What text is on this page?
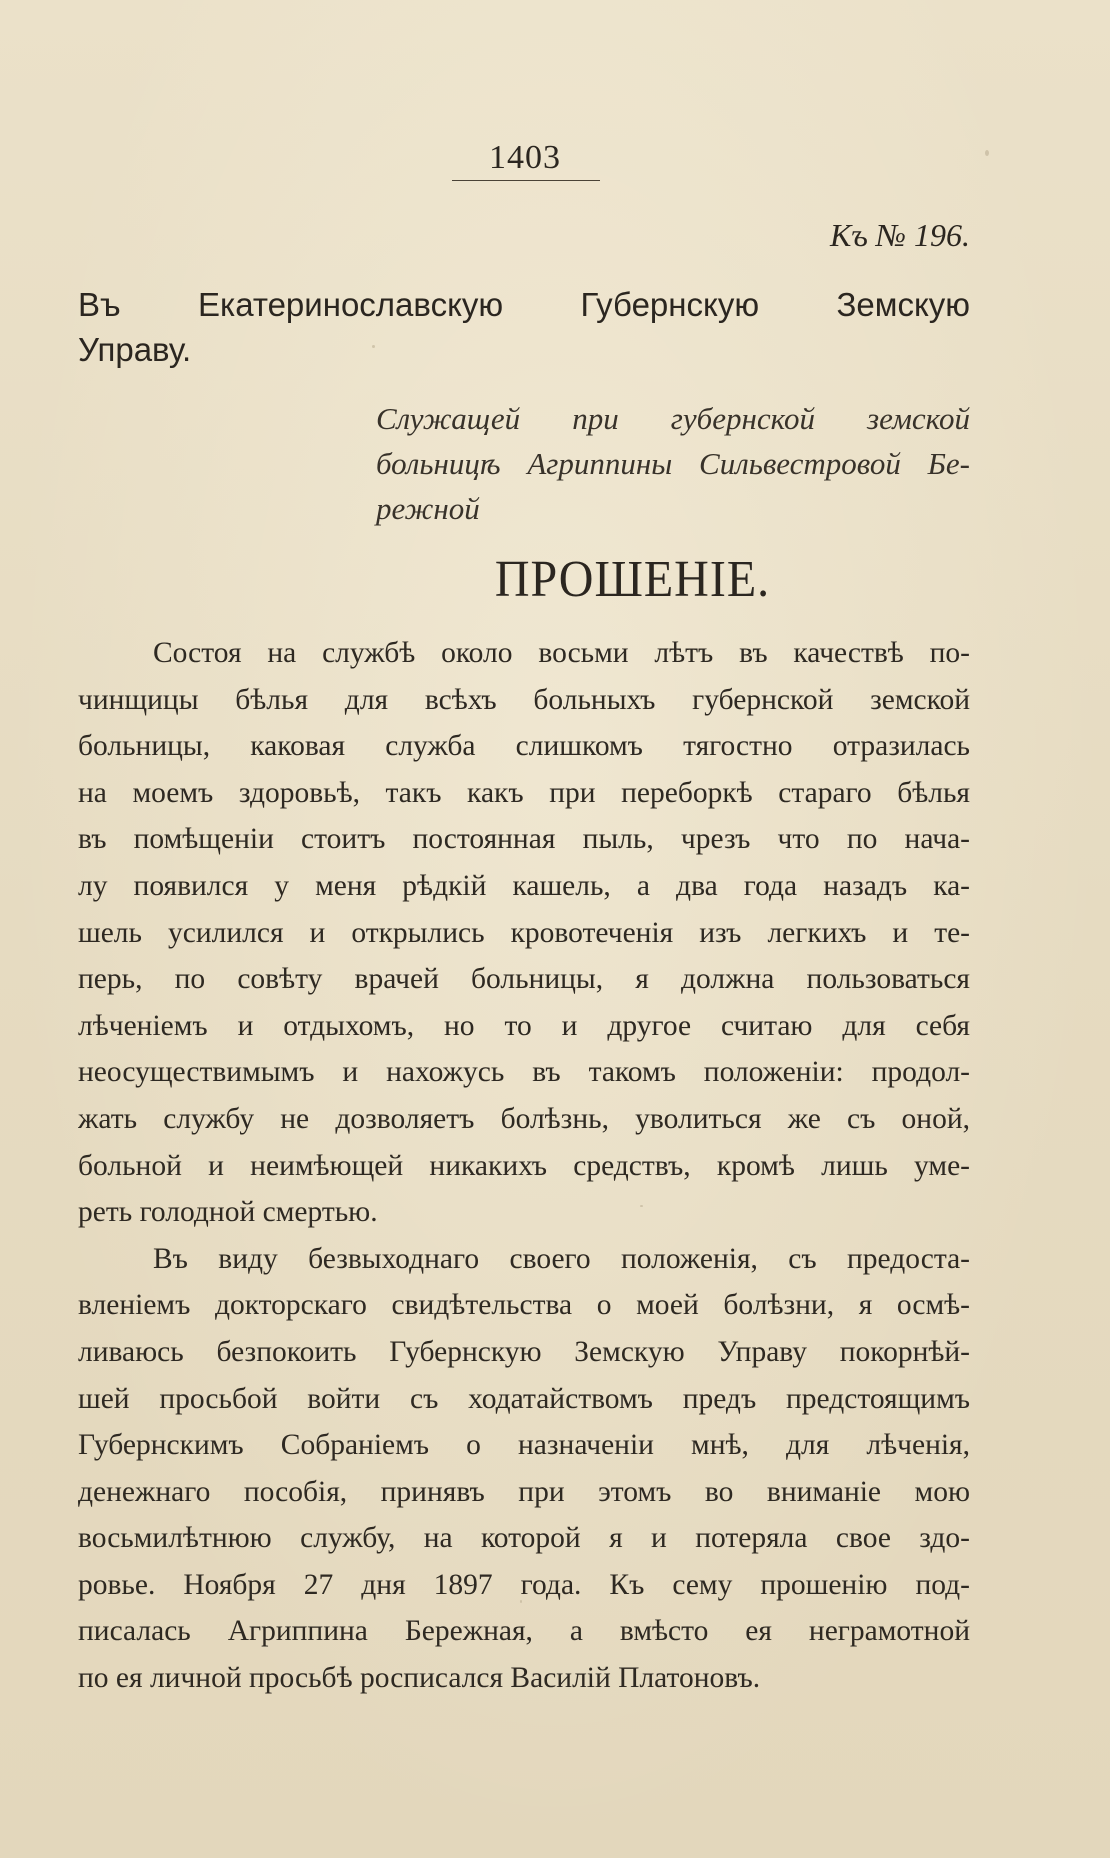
1403
Къ № 196.
Въ Екатеринославскую Губернскую Земскую
Управу.
Служащей при губернской земской
больницѣ Агриппины Сильвестровой Бе-
режной
ПРОШЕНІЕ.
Состоя на службѣ около восьми лѣтъ въ качествѣ по-
чинщицы бѣлья для всѣхъ больныхъ губернской земской
больницы, каковая служба слишкомъ тягостно отразилась
на моемъ здоровьѣ, такъ какъ при переборкѣ стараго бѣлья
въ помѣщеніи стоитъ постоянная пыль, чрезъ что по нача-
лу появился у меня рѣдкій кашель, а два года назадъ ка-
шель усилился и открылись кровотеченія изъ легкихъ и те-
перь, по совѣту врачей больницы, я должна пользоваться
лѣченіемъ и отдыхомъ, но то и другое считаю для себя
неосуществимымъ и нахожусь въ такомъ положеніи: продол-
жать службу не дозволяетъ болѣзнь, уволиться же съ оной,
больной и неимѣющей никакихъ средствъ, кромѣ лишь уме-
реть голодной смертью.
Въ виду безвыходнаго своего положенія, съ предоста-
вленіемъ докторскаго свидѣтельства о моей болѣзни, я осмѣ-
ливаюсь безпокоить Губернскую Земскую Управу покорнѣй-
шей просьбой войти съ ходатайствомъ предъ предстоящимъ
Губернскимъ Собраніемъ о назначеніи мнѣ, для лѣченія,
денежнаго пособія, принявъ при этомъ во вниманіе мою
восьмилѣтнюю службу, на которой я и потеряла свое здо-
ровье. Ноября 27 дня 1897 года. Къ сему прошенію под-
писалась Агриппина Бережная, а вмѣсто ея неграмотной
по ея личной просьбѣ росписался Василій Платоновъ.
